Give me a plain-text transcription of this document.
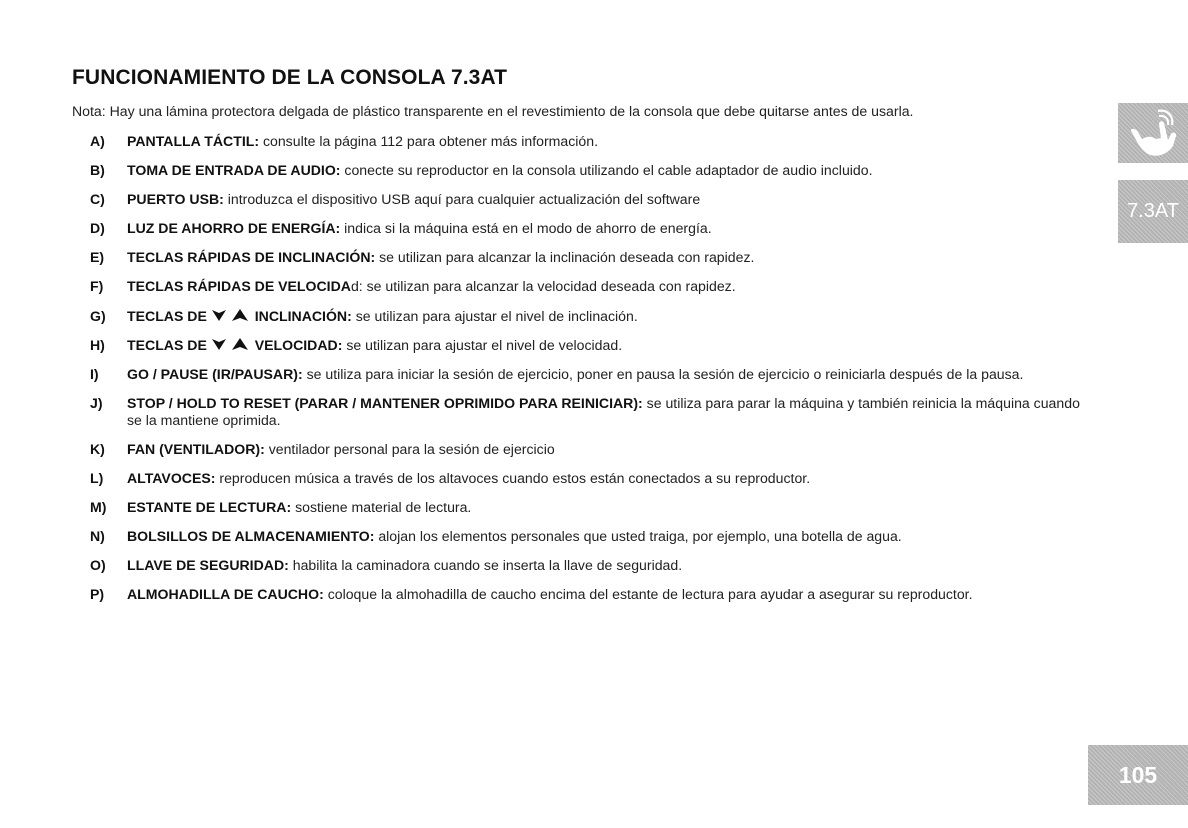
FUNCIONAMIENTO DE LA CONSOLA 7.3AT
Nota: Hay una lámina protectora delgada de plástico transparente en el revestimiento de la consola que debe quitarse antes de usarla.
A) PANTALLA TÁCTIL: consulte la página 112 para obtener más información.
B) TOMA DE ENTRADA DE AUDIO: conecte su reproductor en la consola utilizando el cable adaptador de audio incluido.
C) PUERTO USB: introduzca el dispositivo USB aquí para cualquier actualización del software
D) LUZ DE AHORRO DE ENERGÍA: indica si la máquina está en el modo de ahorro de energía.
E) TECLAS RÁPIDAS DE INCLINACIÓN: se utilizan para alcanzar la inclinación deseada con rapidez.
F) TECLAS RÁPIDAS DE VELOCIDAd: se utilizan para alcanzar la velocidad deseada con rapidez.
G) TECLAS DE	INCLINACIÓN: se utilizan para ajustar el nivel de inclinación.
H) TECLAS DE	VELOCIDAD: se utilizan para ajustar el nivel de velocidad.
I) GO / PAUSE (IR/PAUSAR): se utiliza para iniciar la sesión de ejercicio, poner en pausa la sesión de ejercicio o reiniciarla después de la pausa.
J) STOP / HOLD TO RESET (PARAR / MANTENER OPRIMIDO PARA REINICIAR): se utiliza para parar la máquina y también reinicia la máquina cuando se la mantiene oprimida.
K) FAN (VENTILADOR): ventilador personal para la sesión de ejercicio
L) ALTAVOCES: reproducen música a través de los altavoces cuando estos están conectados a su reproductor.
M) ESTANTE DE LECTURA: sostiene material de lectura.
N) BOLSILLOS DE ALMACENAMIENTO: alojan los elementos personales que usted traiga, por ejemplo, una botella de agua.
O) LLAVE DE SEGURIDAD: habilita la caminadora cuando se inserta la llave de seguridad.
P) ALMOHADILLA DE CAUCHO: coloque la almohadilla de caucho encima del estante de lectura para ayudar a asegurar su reproductor.
7.3AT
105
